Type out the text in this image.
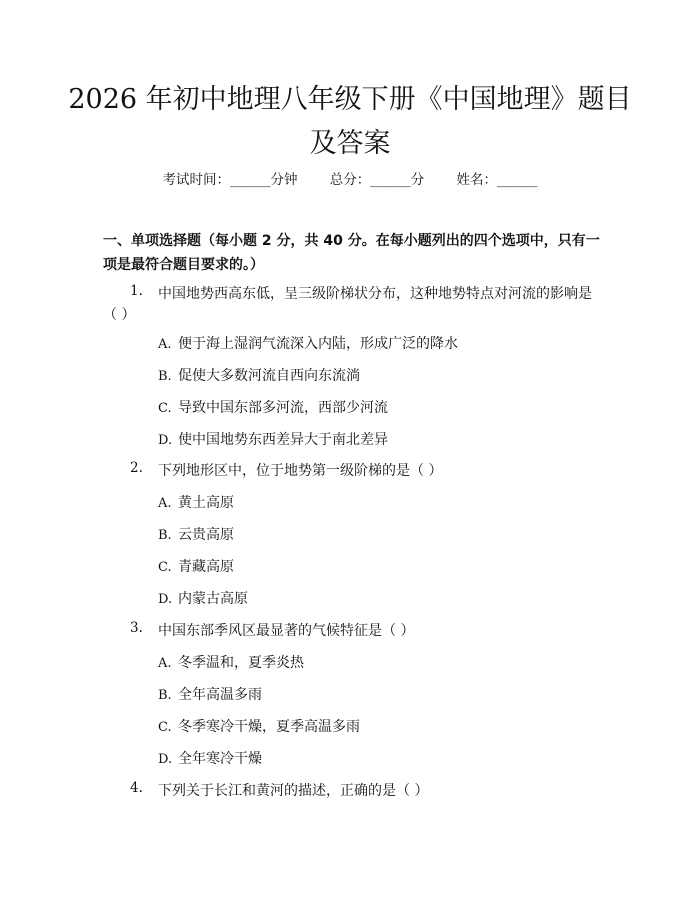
2026 年初中地理八年级下册《中国地理》题目及答案
考试时间：______分钟 总分：______分 姓名：______
一、单项选择题（每小题 2 分，共 40 分。在每小题列出的四个选项中，只有一项是最符合题目要求的。）
1. 中国地势西高东低，呈三级阶梯状分布，这种地势特点对河流的影响是
（ ）
A. 便于海上湿润气流深入内陆，形成广泛的降水
B. 促使大多数河流自西向东流淌
C. 导致中国东部多河流，西部少河流
D. 使中国地势东西差异大于南北差异
2. 下列地形区中，位于地势第一级阶梯的是（ ）
A. 黄土高原
B. 云贵高原
C. 青藏高原
D. 内蒙古高原
3. 中国东部季风区最显著的气候特征是（ ）
A. 冬季温和，夏季炎热
B. 全年高温多雨
C. 冬季寒冷干燥，夏季高温多雨
D. 全年寒冷干燥
4. 下列关于长江和黄河的描述，正确的是（ ）
